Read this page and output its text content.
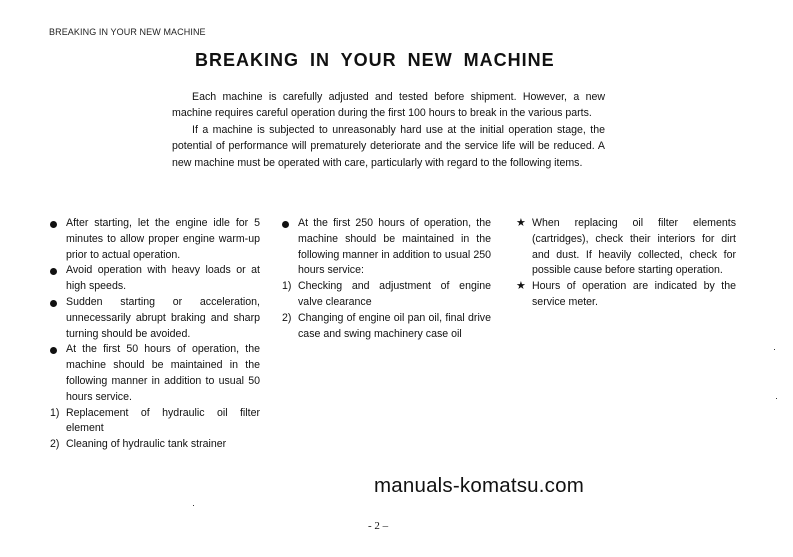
BREAKING IN YOUR NEW MACHINE
BREAKING IN YOUR NEW MACHINE

Each machine is carefully adjusted and tested before shipment. However, a new machine requires careful operation during the first 100 hours to break in the various parts.

If a machine is subjected to unreasonably hard use at the initial operation stage, the potential of performance will prematurely deteriorate and the service life will be reduced. A new machine must be operated with care, particularly with regard to the following items.

After starting, let the engine idle for 5 minutes to allow proper engine warm-up prior to actual operation.
Avoid operation with heavy loads or at high speeds.
Sudden starting or acceleration, unnecessarily abrupt braking and sharp turning should be avoided.
At the first 50 hours of operation, the machine should be maintained in the following manner in addition to usual 50 hours service.
1) Replacement of hydraulic oil filter element
2) Cleaning of hydraulic tank strainer
At the first 250 hours of operation, the machine should be maintained in the following manner in addition to usual 250 hours service:
1) Checking and adjustment of engine valve clearance
2) Changing of engine oil pan oil, final drive case and swing machinery case oil
★ When replacing oil filter elements (cartridges), check their interiors for dirt and dust. If heavily collected, check for possible cause before starting operation.
★ Hours of operation are indicated by the service meter.
manuals-komatsu.com
- 2 –
